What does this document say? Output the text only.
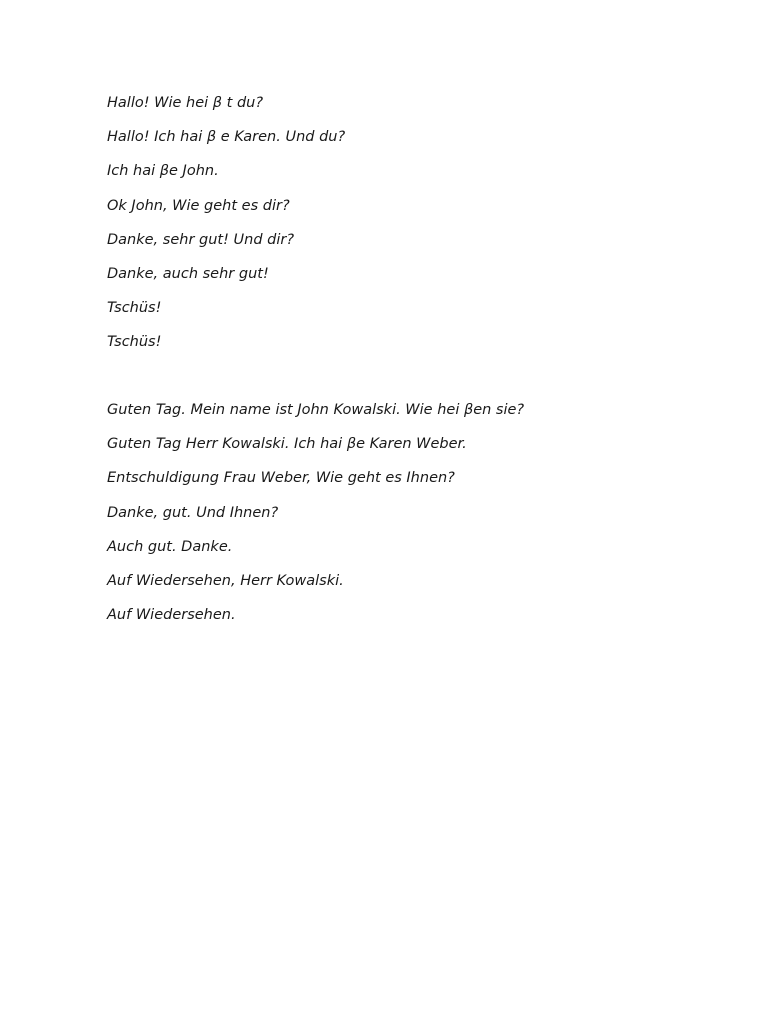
Hallo! Wie hei β t du?
Hallo! Ich hai β e Karen. Und du?
Ich hai βe John.
Ok John, Wie geht es dir?
Danke, sehr gut! Und dir?
Danke, auch sehr gut!
Tschüs!
Tschüs!
Guten Tag. Mein name ist John Kowalski. Wie hei βen sie?
Guten Tag Herr Kowalski. Ich hai βe Karen Weber.
Entschuldigung Frau Weber, Wie geht es Ihnen?
Danke, gut. Und Ihnen?
Auch gut. Danke.
Auf Wiedersehen, Herr Kowalski.
Auf Wiedersehen.
